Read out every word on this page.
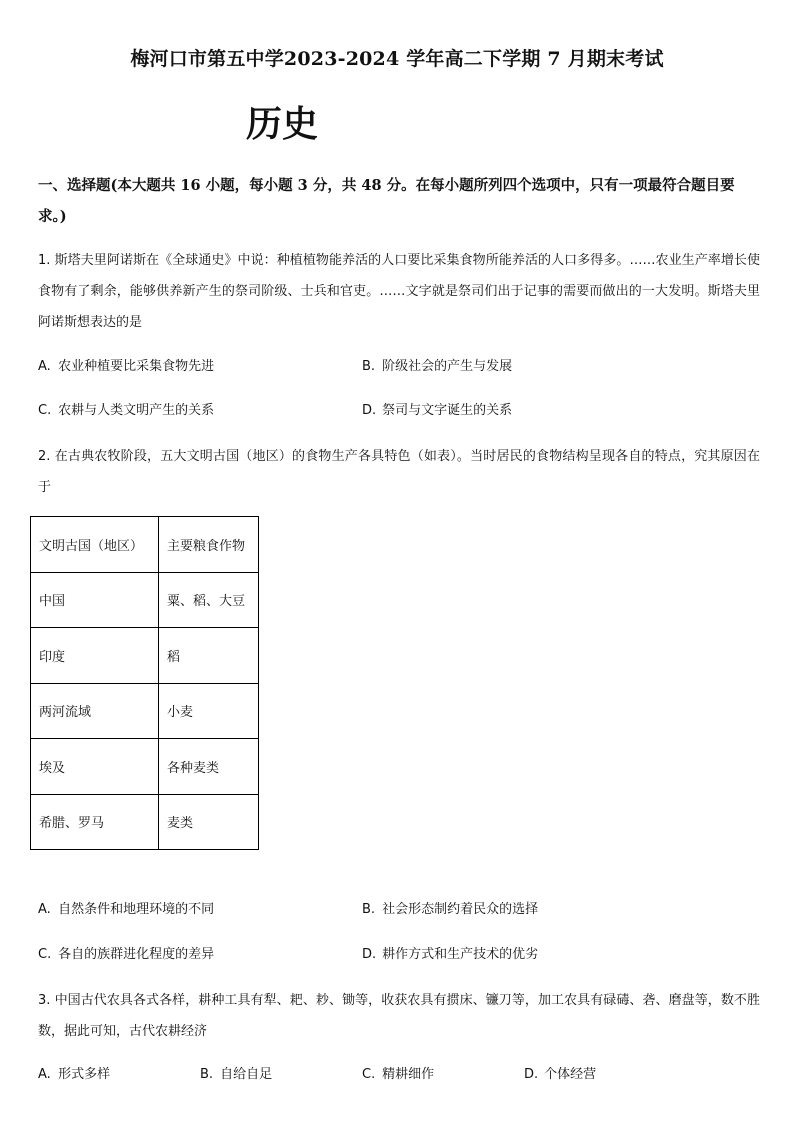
梅河口市第五中学2023-2024 学年高二下学期 7 月期末考试
历史
一、选择题(本大题共 16 小题，每小题 3 分，共 48 分。在每小题所列四个选项中，只有一项最符合题目要求。)
1. 斯塔夫里阿诺斯在《全球通史》中说：种植植物能养活的人口要比采集食物所能养活的人口多得多。……农业生产率增长使食物有了剩余，能够供养新产生的祭司阶级、士兵和官吏。……文字就是祭司们出于记事的需要而做出的一大发明。斯塔夫里阿诺斯想表达的是
A. 农业种植要比采集食物先进	B. 阶级社会的产生与发展
C. 农耕与人类文明产生的关系	D. 祭司与文字诞生的关系
2. 在古典农牧阶段，五大文明古国（地区）的食物生产各具特色（如表）。当时居民的食物结构呈现各自的特点，究其原因在于
文明古国（地区）	主要粮食作物
中国	粟、稻、大豆
印度	稻
两河流域	小麦
埃及	各种麦类
希腊、罗马	麦类
A. 自然条件和地理环境的不同	B. 社会形态制约着民众的选择
C. 各自的族群进化程度的差异	D. 耕作方式和生产技术的优劣
3. 中国古代农具各式各样，耕种工具有犁、耙、耖、锄等，收获农具有掼床、镰刀等，加工农具有碌碡、砻、磨盘等，数不胜数，据此可知，古代农耕经济
A. 形式多样	B. 自给自足	C. 精耕细作	D. 个体经营
